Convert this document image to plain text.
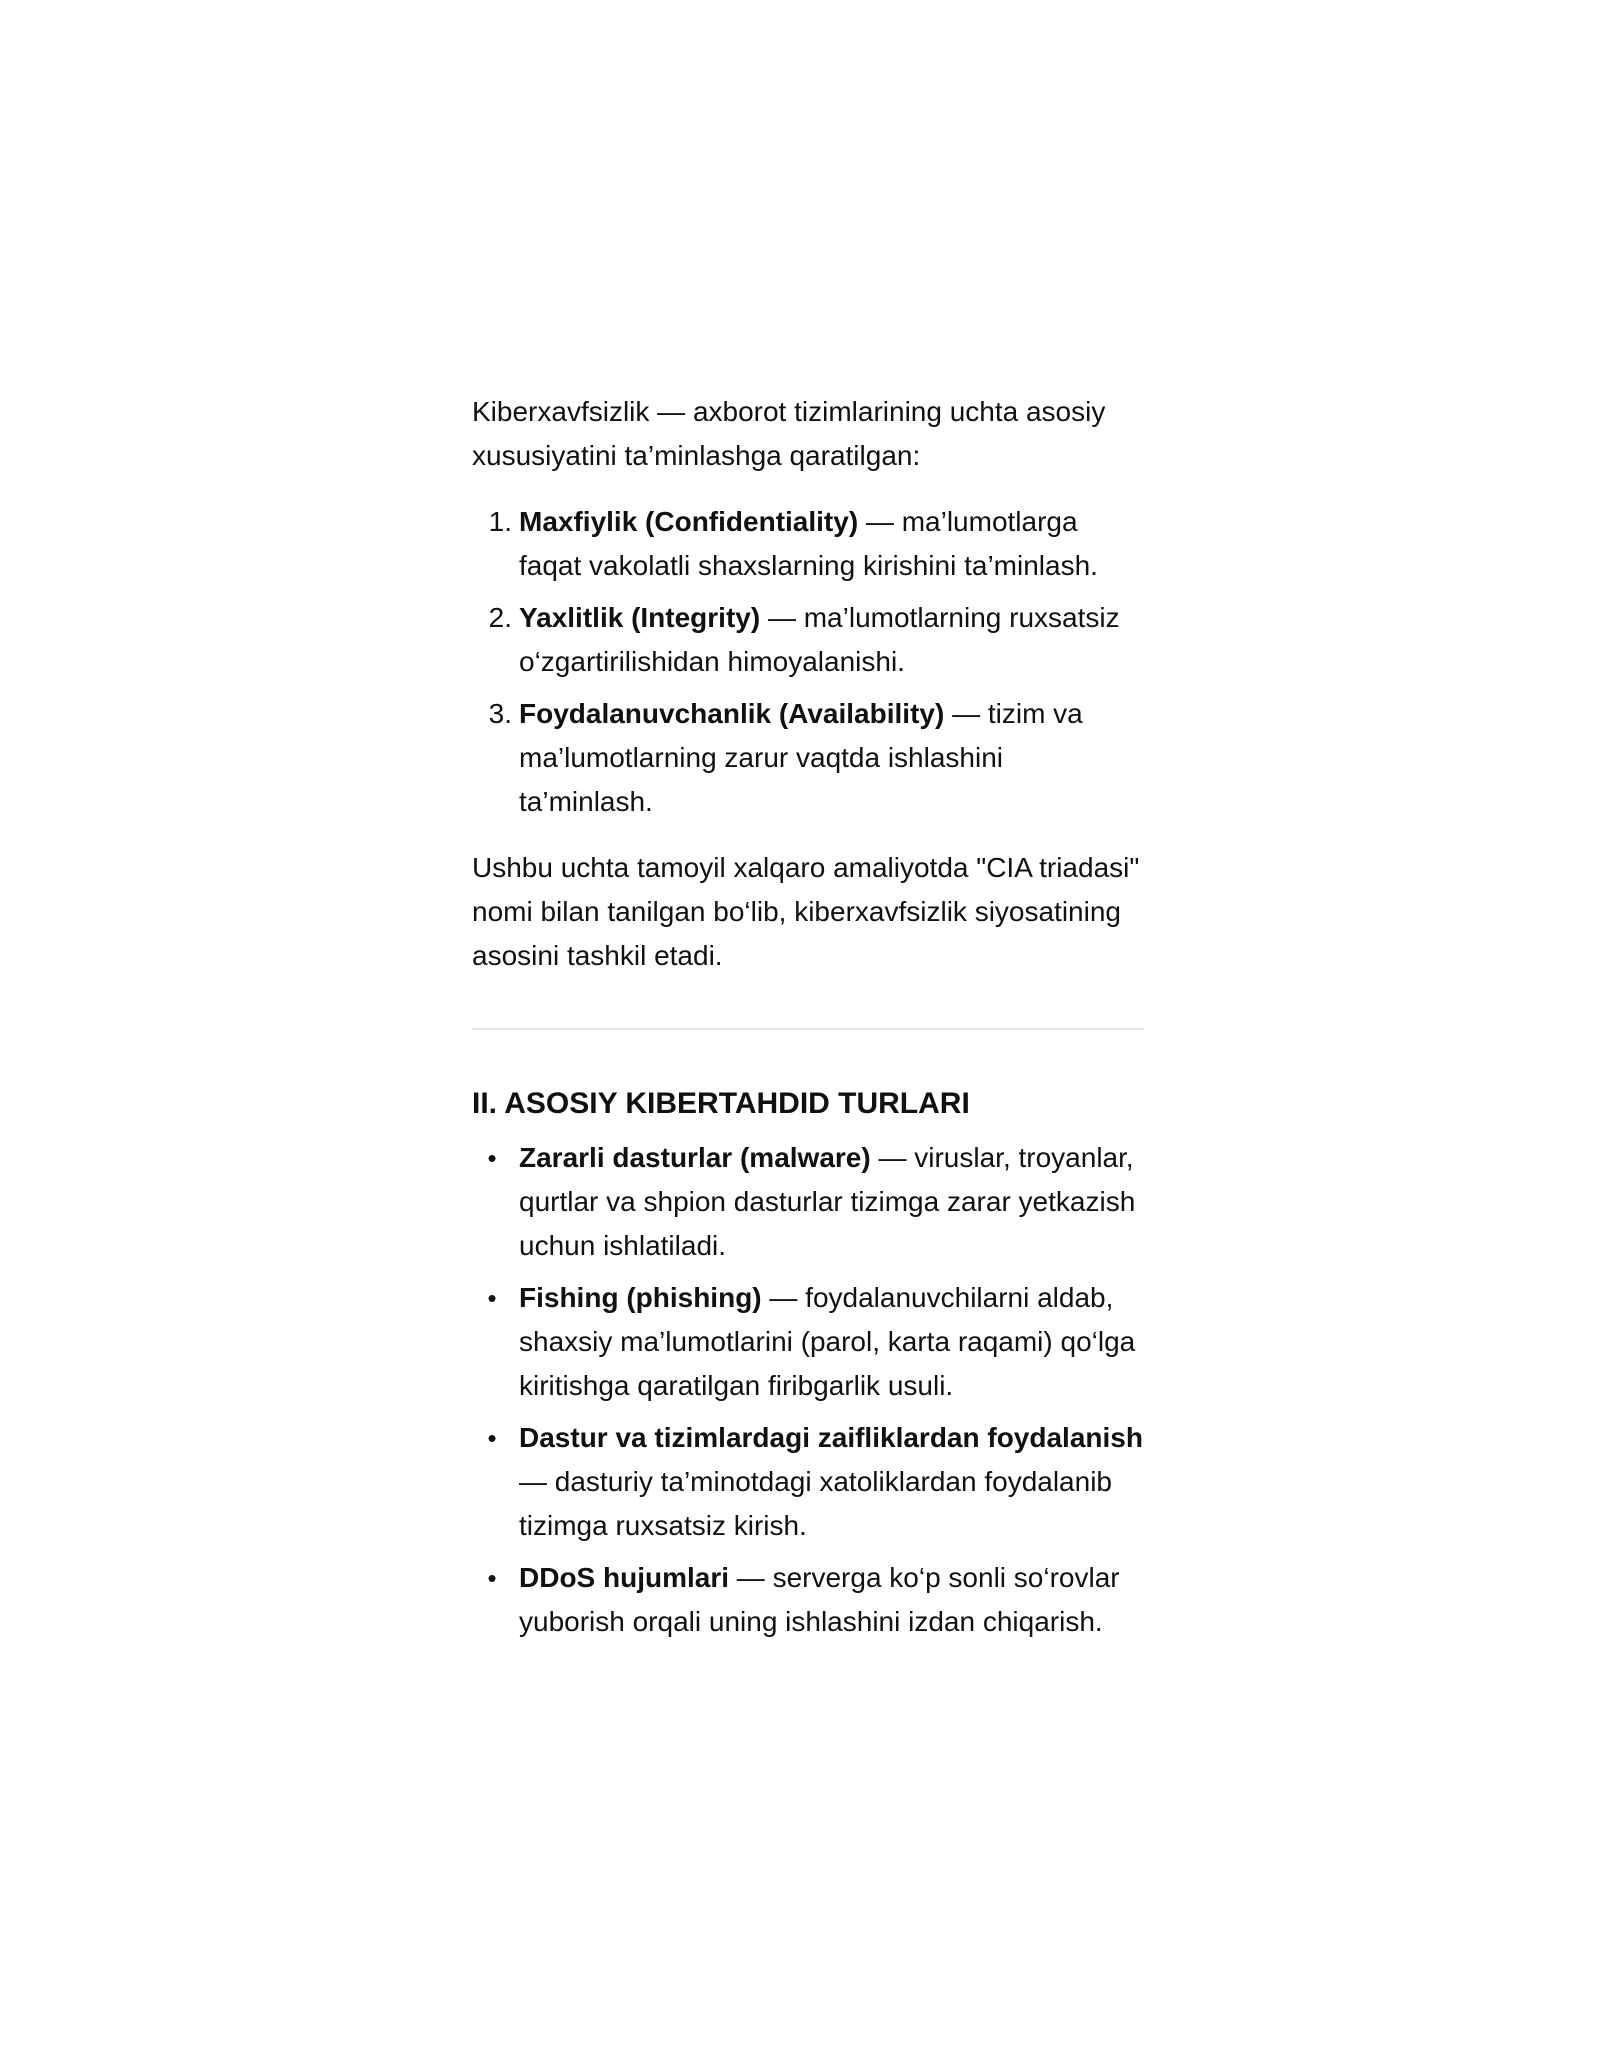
Kiberxavfsizlik — axborot tizimlarining uchta asosiy xususiyatini ta’minlashga qaratilgan:

1. Maxfiylik (Confidentiality) — ma’lumotlarga faqat vakolatli shaxslarning kirishini ta’minlash.
2. Yaxlitlik (Integrity) — ma’lumotlarning ruxsatsiz o‘zgartirilishidan himoyalanishi.
3. Foydalanuvchanlik (Availability) — tizim va ma’lumotlarning zarur vaqtda ishlashini ta’minlash.

Ushbu uchta tamoyil xalqaro amaliyotda "CIA triadasi" nomi bilan tanilgan bo‘lib, kiberxavfsizlik siyosatining asosini tashkil etadi.

II. ASOSIY KIBERTAHDID TURLARI
• Zararli dasturlar (malware) — viruslar, troyanlar, qurtlar va shpion dasturlar tizimga zarar yetkazish uchun ishlatiladi.
• Fishing (phishing) — foydalanuvchilarni aldab, shaxsiy ma’lumotlarini (parol, karta raqami) qo‘lga kiritishga qaratilgan firibgarlik usuli.
• Dastur va tizimlardagi zaifliklardan foydalanish — dasturiy ta’minotdagi xatoliklardan foydalanib tizimga ruxsatsiz kirish.
• DDoS hujumlari — serverga ko‘p sonli so‘rovlar yuborish orqali uning ishlashini izdan chiqarish.
